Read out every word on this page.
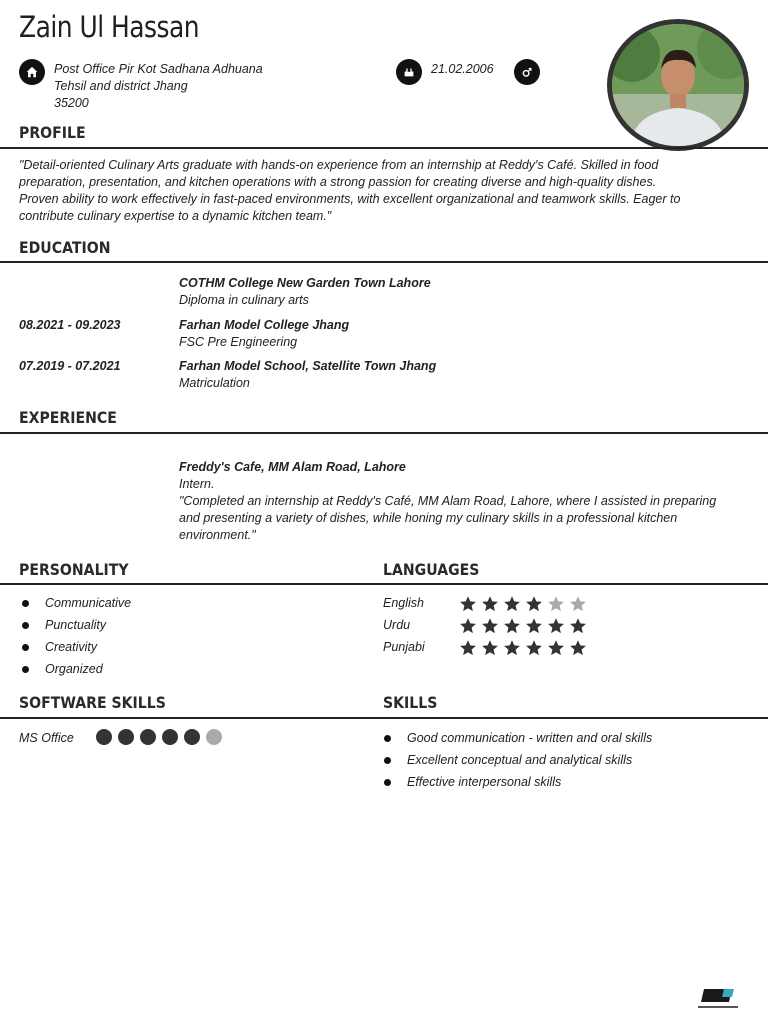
Zain Ul Hassan
Post Office Pir Kot Sadhana Adhuana
Tehsil and district Jhang
35200
21.02.2006
PROFILE
"Detail-oriented Culinary Arts graduate with hands-on experience from an internship at Reddy's Café. Skilled in food preparation, presentation, and kitchen operations with a strong passion for creating diverse and high-quality dishes. Proven ability to work effectively in fast-paced environments, with excellent organizational and teamwork skills. Eager to contribute culinary expertise to a dynamic kitchen team."
EDUCATION
COTHM College New Garden Town Lahore
Diploma in culinary arts
08.2021 - 09.2023	Farhan Model College Jhang
FSC Pre Engineering
07.2019 - 07.2021	Farhan Model School, Satellite Town Jhang
Matriculation
EXPERIENCE
Freddy's Cafe, MM Alam Road, Lahore
Intern.
"Completed an internship at Reddy's Café, MM Alam Road, Lahore, where I assisted in preparing and presenting a variety of dishes, while honing my culinary skills in a professional kitchen environment."
PERSONALITY
Communicative
Punctuality
Creativity
Organized
LANGUAGES
English
Urdu
Punjabi
SOFTWARE SKILLS
MS Office
SKILLS
Good communication - written and oral skills
Excellent conceptual and analytical skills
Effective interpersonal skills
